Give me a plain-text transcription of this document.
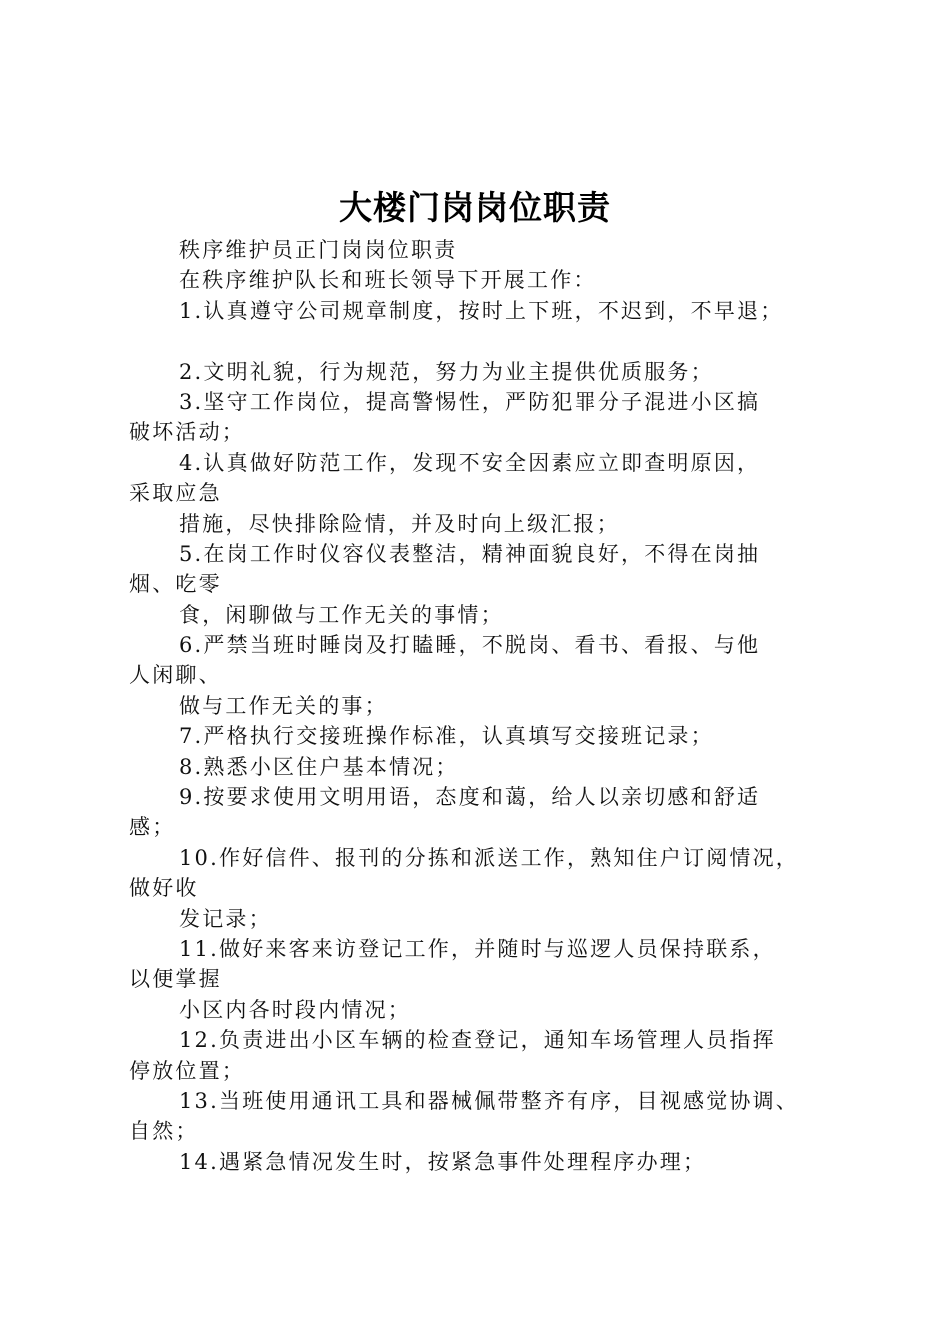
大楼门岗岗位职责
秩序维护员正门岗岗位职责
在秩序维护队长和班长领导下开展工作：
1.认真遵守公司规章制度，按时上下班，不迟到，不早退；
2.文明礼貌，行为规范，努力为业主提供优质服务；
3.坚守工作岗位，提高警惕性，严防犯罪分子混进小区搞
破坏活动；
4.认真做好防范工作，发现不安全因素应立即查明原因，
采取应急
措施，尽快排除险情，并及时向上级汇报；
5.在岗工作时仪容仪表整洁，精神面貌良好，不得在岗抽
烟、吃零
食，闲聊做与工作无关的事情；
6.严禁当班时睡岗及打瞌睡，不脱岗、看书、看报、与他
人闲聊、
做与工作无关的事；
7.严格执行交接班操作标准，认真填写交接班记录；
8.熟悉小区住户基本情况；
9.按要求使用文明用语，态度和蔼，给人以亲切感和舒适
感；
10.作好信件、报刊的分拣和派送工作，熟知住户订阅情况，
做好收
发记录；
11.做好来客来访登记工作，并随时与巡逻人员保持联系，
以便掌握
小区内各时段内情况；
12.负责进出小区车辆的检查登记，通知车场管理人员指挥
停放位置；
13.当班使用通讯工具和器械佩带整齐有序，目视感觉协调、
自然；
14.遇紧急情况发生时，按紧急事件处理程序办理；
